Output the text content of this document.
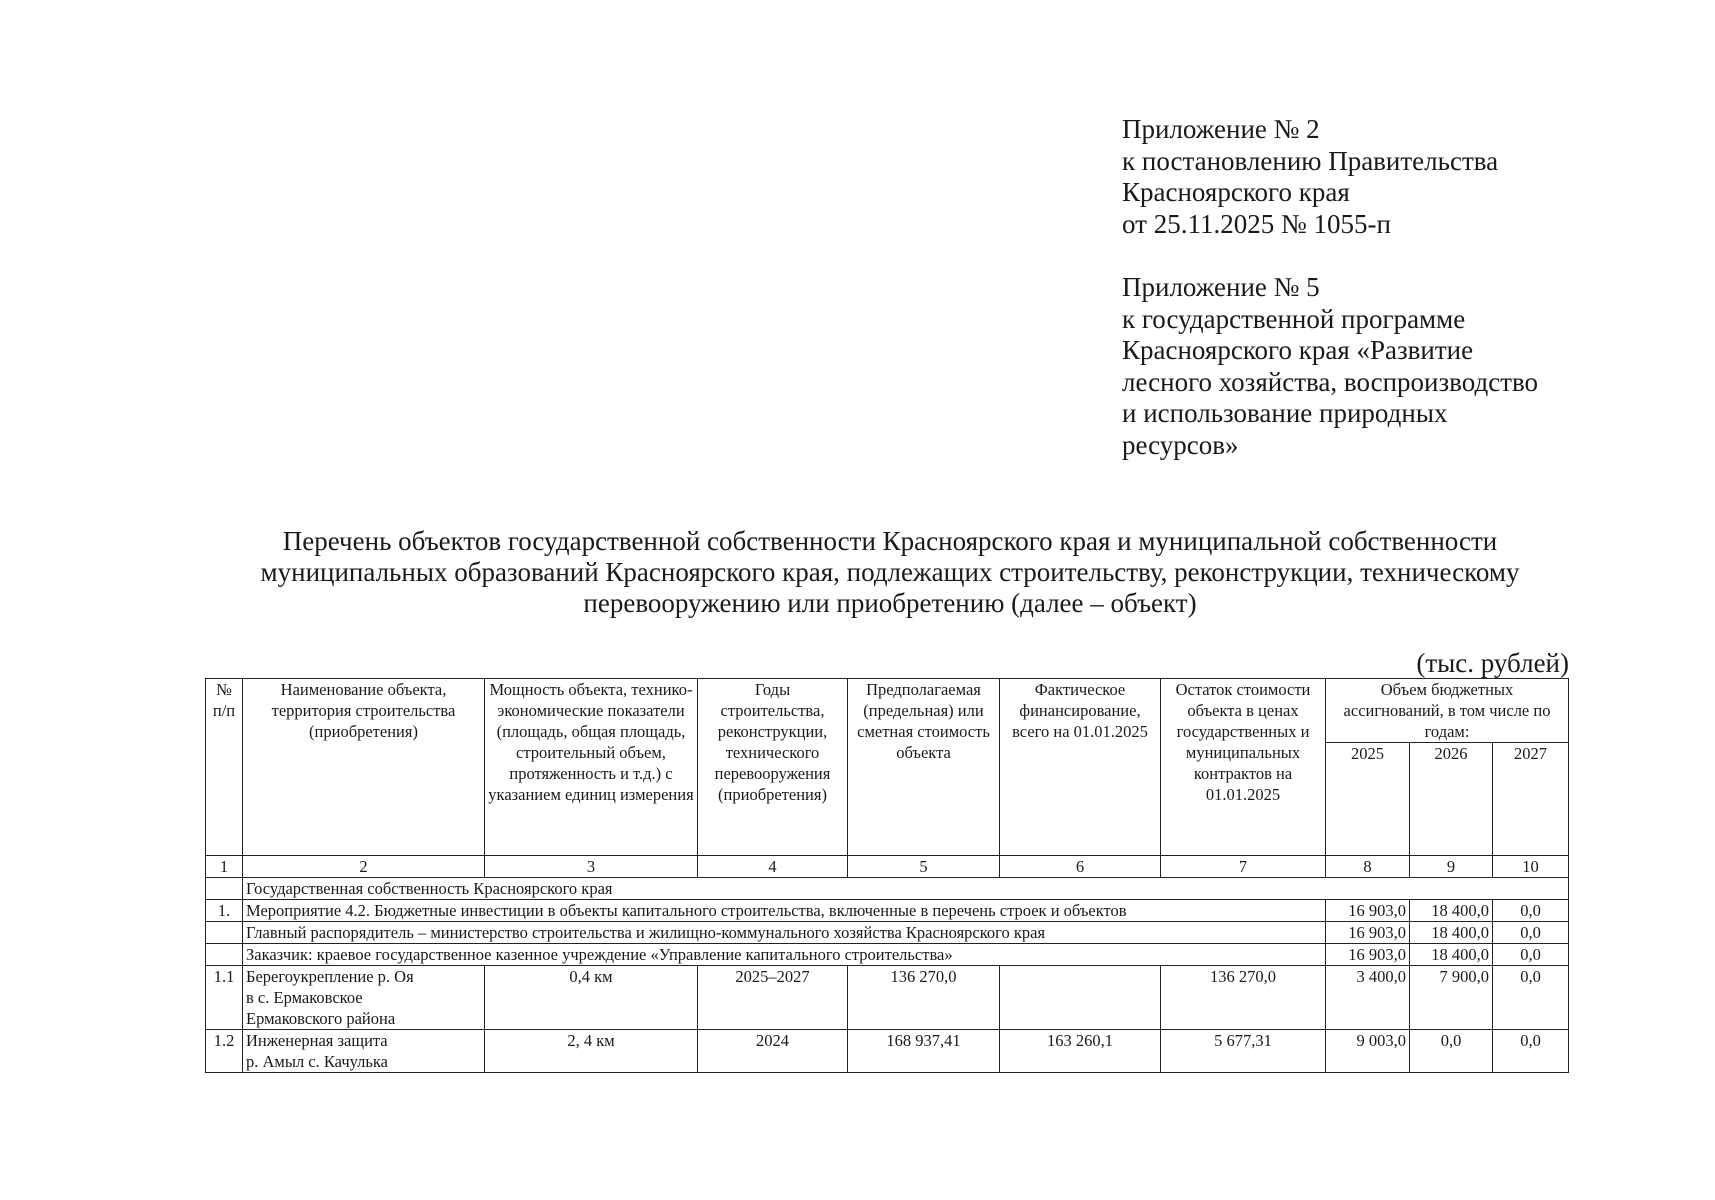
Приложение № 2
к постановлению Правительства
Красноярского края
от 25.11.2025 № 1055-п
Приложение № 5
к государственной программе
Красноярского края «Развитие
лесного хозяйства, воспроизводство
и использование природных
ресурсов»
Перечень объектов государственной собственности Красноярского края и муниципальной собственности
муниципальных образований Красноярского края, подлежащих строительству, реконструкции, техническому
перевооружению или приобретению (далее – объект)
(тыс. рублей)
№ п/п	Наименование объекта, территория строительства (приобретения)	Мощность объекта, технико-экономические показатели (площадь, общая площадь, строительный объем, протяженность и т.д.) с указанием единиц измерения	Годы строительства, реконструкции, технического перевооружения (приобретения)	Предполагаемая (предельная) или сметная стоимость объекта	Фактическое финансирование, всего на 01.01.2025	Остаток стоимости объекта в ценах государственных и муниципальных контрактов на 01.01.2025	Объем бюджетных ассигнований, в том числе по годам:		
							2025	2026	2027
1	2	3	4	5	6	7	8	9	10
	Государственная собственность Красноярского края								
1.	Мероприятие 4.2. Бюджетные инвестиции в объекты капитального строительства, включенные в перечень строек и объектов						16 903,0	18 400,0	0,0
	Главный распорядитель – министерство строительства и жилищно-коммунального хозяйства Красноярского края						16 903,0	18 400,0	0,0
	Заказчик: краевое государственное казенное учреждение «Управление капитального строительства»						16 903,0	18 400,0	0,0
1.1	Берегоукрепление р. Оя
в с. Ермаковское
Ермаковского района	0,4 км	2025–2027	136 270,0		136 270,0	3 400,0	7 900,0	0,0
1.2	Инженерная защита
р. Амыл с. Качулька	2, 4 км	2024	168 937,41	163 260,1	5 677,31	9 003,0	0,0	0,0
